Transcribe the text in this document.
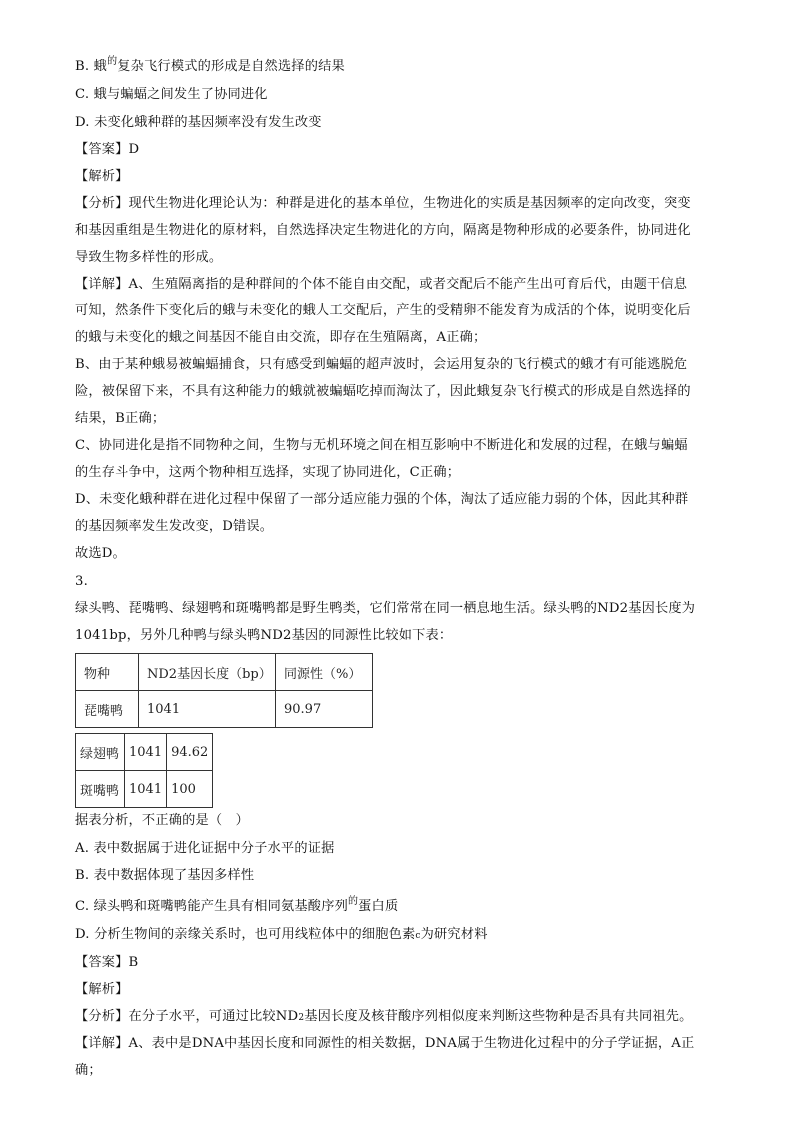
B. 蛾$^的$复杂飞行模式的形成是自然选择的结果
C. 蛾与蝙蝠之间发生了协同进化
D. 未变化蛾种群的基因频率没有发生改变
【答案】D
【解析】
【分析】现代生物进化理论认为：种群是进化的基本单位，生物进化的实质是基因频率的定向改变，突变
和基因重组是生物进化的原材料，自然选择决定生物进化的方向，隔离是物种形成的必要条件，协同进化
导致生物多样性的形成。
【详解】A、生殖隔离指的是种群间的个体不能自由交配，或者交配后不能产生出可育后代，由题干信息
可知，然条件下变化后的蛾与未变化的蛾人工交配后，产生的受精卵不能发育为成活的个体，说明变化后
的蛾与未变化的蛾之间基因不能自由交流，即存在生殖隔离，A正确；
B、由于某种蛾易被蝙蝠捕食，只有感受到蝙蝠的超声波时，会运用复杂的飞行模式的蛾才有可能逃脱危
险，被保留下来，不具有这种能力的蛾就被蝙蝠吃掉而淘汰了，因此蛾复杂飞行模式的形成是自然选择的
结果，B正确；
C、协同进化是指不同物种之间，生物与无机环境之间在相互影响中不断进化和发展的过程，在蛾与蝙蝠
的生存斗争中，这两个物种相互选择，实现了协同进化，C正确；
D、未变化蛾种群在进化过程中保留了一部分适应能力强的个体，淘汰了适应能力弱的个体，因此其种群
的基因频率发生发改变，D错误。
故选D。
3.
绿头鸭、琵嘴鸭、绿翅鸭和斑嘴鸭都是野生鸭类，它们常常在同一栖息地生活。绿头鸭的ND2基因长度为
1041bp，另外几种鸭与绿头鸭ND2基因的同源性比较如下表：
物种	ND2基因长度（bp）	同源性（%）
琵嘴鸭	1041	90.97
绿翅鸭	1041	94.62
斑嘴鸭	1041	100
据表分析，不正确的是（　）
A. 表中数据属于进化证据中分子水平的证据
B. 表中数据体现了基因多样性
C. 绿头鸭和斑嘴鸭能产生具有相同氨基酸序列$^的$蛋白质
D. 分析生物间的亲缘关系时，也可用线粒体中的细胞色素c为研究材料
【答案】B
【解析】
【分析】在分子水平，可通过比较ND2基因长度及核苷酸序列相似度来判断这些物种是否具有共同祖先。
【详解】A、表中是DNA中基因长度和同源性的相关数据，DNA属于生物进化过程中的分子学证据，A正
确；
